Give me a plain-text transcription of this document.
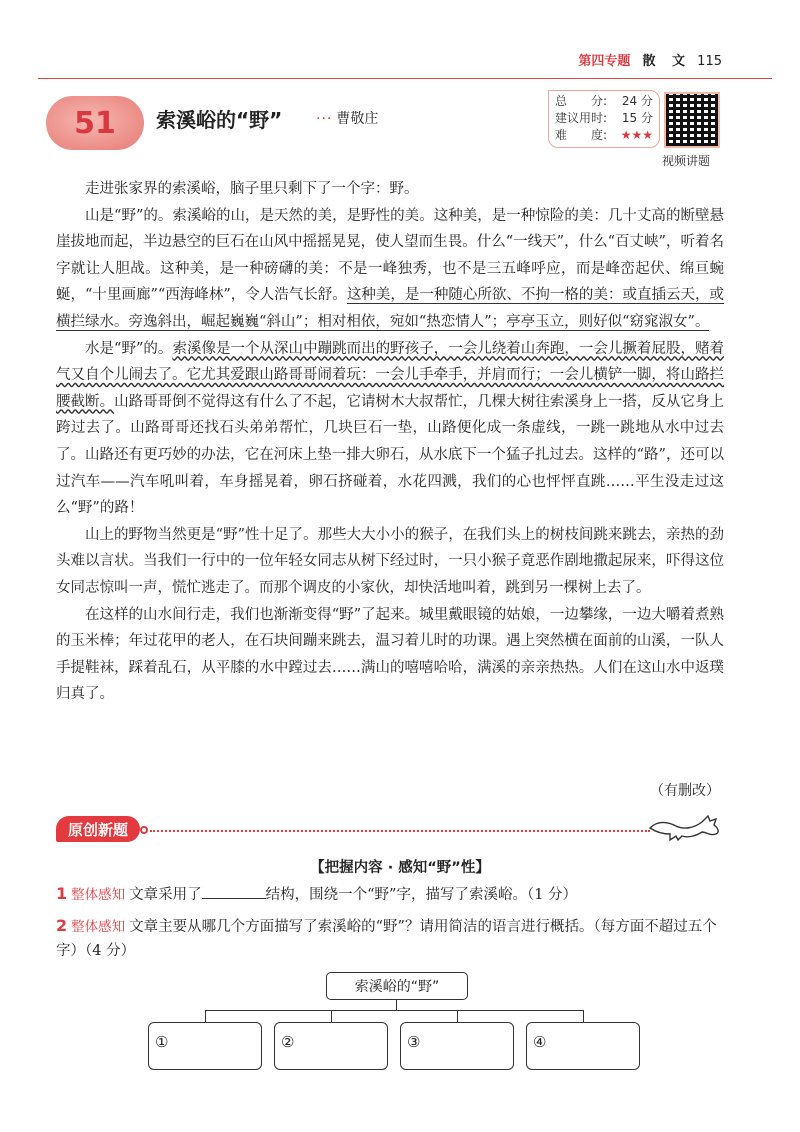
第四专题 散 文 115
51 索溪峪的“野” ··· 曹敬庄
总　　分: 24 分
建议用时: 15 分
难　　度: ★★★
视频讲题

走进张家界的索溪峪，脑子里只剩下了一个字：野。

山是“野”的。索溪峪的山，是天然的美，是野性的美。这种美，是一种惊险的美：几十丈高的断壁悬崖拔地而起，半边悬空的巨石在山风中摇摇晃晃，使人望而生畏。什么“一线天”，什么“百丈峡”，听着名字就让人胆战。这种美，是一种磅礴的美：不是一峰独秀，也不是三五峰呼应，而是峰峦起伏、绵亘蜿蜒，“十里画廊”“西海峰林”，令人浩气长舒。这种美，是一种随心所欲、不拘一格的美：或直插云天，或横拦绿水。旁逸斜出，崛起巍巍“斜山”；相对相依，宛如“热恋情人”；亭亭玉立，则好似“窈窕淑女”。

水是“野”的。索溪像是一个从深山中蹦跳而出的野孩子，一会儿绕着山奔跑，一会儿撅着屁股，赌着气又自个儿闹去了。它尤其爱跟山路哥哥闹着玩：一会儿手牵手，并肩而行；一会儿横铲一脚，将山路拦腰截断。山路哥哥倒不觉得这有什么了不起，它请树木大叔帮忙，几棵大树往索溪身上一搭，反从它身上跨过去了。山路哥哥还找石头弟弟帮忙，几块巨石一垫，山路便化成一条虚线，一跳一跳地从水中过去了。山路还有更巧妙的办法，它在河床上垫一排大卵石，从水底下一个猛子扎过去。这样的“路”，还可以过汽车——汽车吼叫着，车身摇晃着，卵石挤碰着，水花四溅，我们的心也怦怦直跳……平生没走过这么“野”的路！

山上的野物当然更是“野”性十足了。那些大大小小的猴子，在我们头上的树枝间跳来跳去，亲热的劲头难以言状。当我们一行中的一位年轻女同志从树下经过时，一只小猴子竟恶作剧地撒起尿来，吓得这位女同志惊叫一声，慌忙逃走了。而那个调皮的小家伙，却快活地叫着，跳到另一棵树上去了。

在这样的山水间行走，我们也渐渐变得“野”了起来。城里戴眼镜的姑娘，一边攀缘，一边大嚼着煮熟的玉米棒；年过花甲的老人，在石块间蹦来跳去，温习着儿时的功课。遇上突然横在面前的山溪，一队人手提鞋袜，踩着乱石，从平膝的水中蹚过去……满山的嘻嘻哈哈，满溪的亲亲热热。人们在这山水中返璞归真了。

（有删改）
原创新题
【把握内容 · 感知“野”性】
1 整体感知 文章采用了	结构，围绕一个“野”字，描写了索溪峪。（1 分）
2 整体感知 文章主要从哪几个方面描写了索溪峪的“野”？请用简洁的语言进行概括。（每方面不超过五个字）（4 分）
索溪峪的“野”
①	②	③	④
